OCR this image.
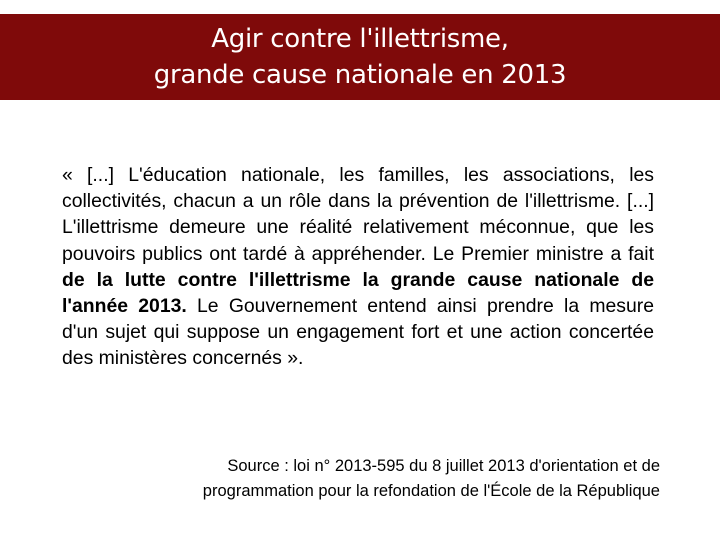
Agir contre l'illettrisme,
grande cause nationale en 2013
« [...] L'éducation nationale, les familles, les associations, les collectivités, chacun a un rôle dans la prévention de l'illettrisme. [...] L'illettrisme demeure une réalité relativement méconnue, que les pouvoirs publics ont tardé à appréhender. Le Premier ministre a fait de la lutte contre l'illettrisme la grande cause nationale de l'année 2013. Le Gouvernement entend ainsi prendre la mesure d'un sujet qui suppose un engagement fort et une action concertée des ministères concernés ».
Source : loi n° 2013-595 du 8 juillet 2013 d'orientation et de
programmation pour la refondation de l'École de la République
